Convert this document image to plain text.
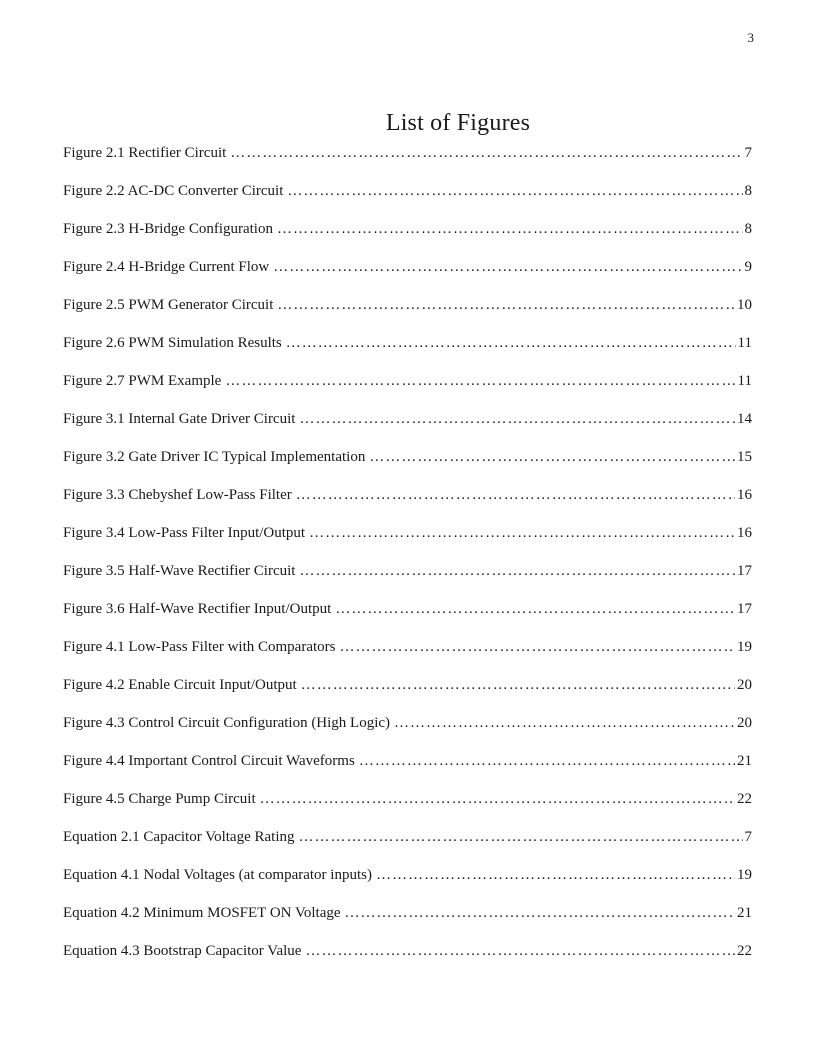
3
List of Figures
Figure 2.1 Rectifier Circuit ………………………………………………………………………………………………………………………………………………………………………………………………	7
Figure 2.2 AC-DC Converter Circuit ………………………………………………………………………………………………………………………………………………………………………………………………	8
Figure 2.3 H-Bridge Configuration ………………………………………………………………………………………………………………………………………………………………………………………………	8
Figure 2.4 H-Bridge Current Flow ………………………………………………………………………………………………………………………………………………………………………………………………	9
Figure 2.5 PWM Generator Circuit ………………………………………………………………………………………………………………………………………………………………………………………………	10
Figure 2.6 PWM Simulation Results ………………………………………………………………………………………………………………………………………………………………………………………………	11
Figure 2.7 PWM Example ………………………………………………………………………………………………………………………………………………………………………………………………	11
Figure 3.1 Internal Gate Driver Circuit ………………………………………………………………………………………………………………………………………………………………………………………………	14
Figure 3.2 Gate Driver IC Typical Implementation ………………………………………………………………………………………………………………………………………………………………………………………………	15
Figure 3.3 Chebyshef Low-Pass Filter ………………………………………………………………………………………………………………………………………………………………………………………………	16
Figure 3.4 Low-Pass Filter Input/Output ………………………………………………………………………………………………………………………………………………………………………………………………	16
Figure 3.5 Half-Wave Rectifier Circuit ………………………………………………………………………………………………………………………………………………………………………………………………	17
Figure 3.6 Half-Wave Rectifier Input/Output ………………………………………………………………………………………………………………………………………………………………………………………………	17
Figure 4.1 Low-Pass Filter with Comparators ………………………………………………………………………………………………………………………………………………………………………………………………	19
Figure 4.2 Enable Circuit Input/Output ………………………………………………………………………………………………………………………………………………………………………………………………	20
Figure 4.3 Control Circuit Configuration (High Logic) ………………………………………………………………………………………………………………………………………………………………………………………………	20
Figure 4.4 Important Control Circuit Waveforms ………………………………………………………………………………………………………………………………………………………………………………………………	21
Figure 4.5 Charge Pump Circuit ………………………………………………………………………………………………………………………………………………………………………………………………	22
Equation 2.1 Capacitor Voltage Rating ………………………………………………………………………………………………………………………………………………………………………………………………	7
Equation 4.1 Nodal Voltages (at comparator inputs) ………………………………………………………………………………………………………………………………………………………………………………………………	19
Equation 4.2 Minimum MOSFET ON Voltage ………………………………………………………………………………………………………………………………………………………………………………………………	21
Equation 4.3 Bootstrap Capacitor Value ………………………………………………………………………………………………………………………………………………………………………………………………	22
